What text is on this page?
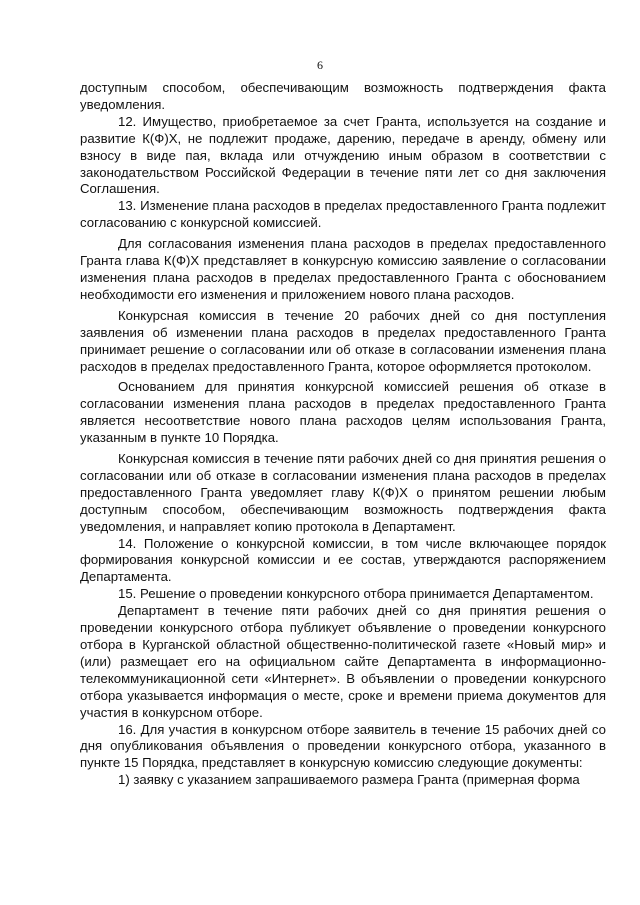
6

доступным способом, обеспечивающим возможность подтверждения факта уведомления.

12. Имущество, приобретаемое за счет Гранта, используется на создание и развитие К(Ф)Х, не подлежит продаже, дарению, передаче в аренду, обмену или взносу в виде пая, вклада или отчуждению иным образом в соответствии с законодательством Российской Федерации в течение пяти лет со дня заключения Соглашения.

13. Изменение плана расходов в пределах предоставленного Гранта подлежит согласованию с конкурсной комиссией.

Для согласования изменения плана расходов в пределах предоставленного Гранта глава К(Ф)Х представляет в конкурсную комиссию заявление о согласовании изменения плана расходов в пределах предоставленного Гранта с обоснованием необходимости его изменения и приложением нового плана расходов.

Конкурсная комиссия в течение 20 рабочих дней со дня поступления заявления об изменении плана расходов в пределах предоставленного Гранта принимает решение о согласовании или об отказе в согласовании изменения плана расходов в пределах предоставленного Гранта, которое оформляется протоколом.

Основанием для принятия конкурсной комиссией решения об отказе в согласовании изменения плана расходов в пределах предоставленного Гранта является несоответствие нового плана расходов целям использования Гранта, указанным в пункте 10 Порядка.

Конкурсная комиссия в течение пяти рабочих дней со дня принятия решения о согласовании или об отказе в согласовании изменения плана расходов в пределах предоставленного Гранта уведомляет главу К(Ф)Х о принятом решении любым доступным способом, обеспечивающим возможность подтверждения факта уведомления, и направляет копию протокола в Департамент.

14. Положение о конкурсной комиссии, в том числе включающее порядок формирования конкурсной комиссии и ее состав, утверждаются распоряжением Департамента.

15. Решение о проведении конкурсного отбора принимается Департаментом.

Департамент в течение пяти рабочих дней со дня принятия решения о проведении конкурсного отбора публикует объявление о проведении конкурсного отбора в Курганской областной общественно-политической газете «Новый мир» и (или) размещает его на официальном сайте Департамента в информационно-телекоммуникационной сети «Интернет». В объявлении о проведении конкурсного отбора указывается информация о месте, сроке и времени приема документов для участия в конкурсном отборе.

16. Для участия в конкурсном отборе заявитель в течение 15 рабочих дней со дня опубликования объявления о проведении конкурсного отбора, указанного в пункте 15 Порядка, представляет в конкурсную комиссию следующие документы:

1) заявку с указанием запрашиваемого размера Гранта (примерная форма
